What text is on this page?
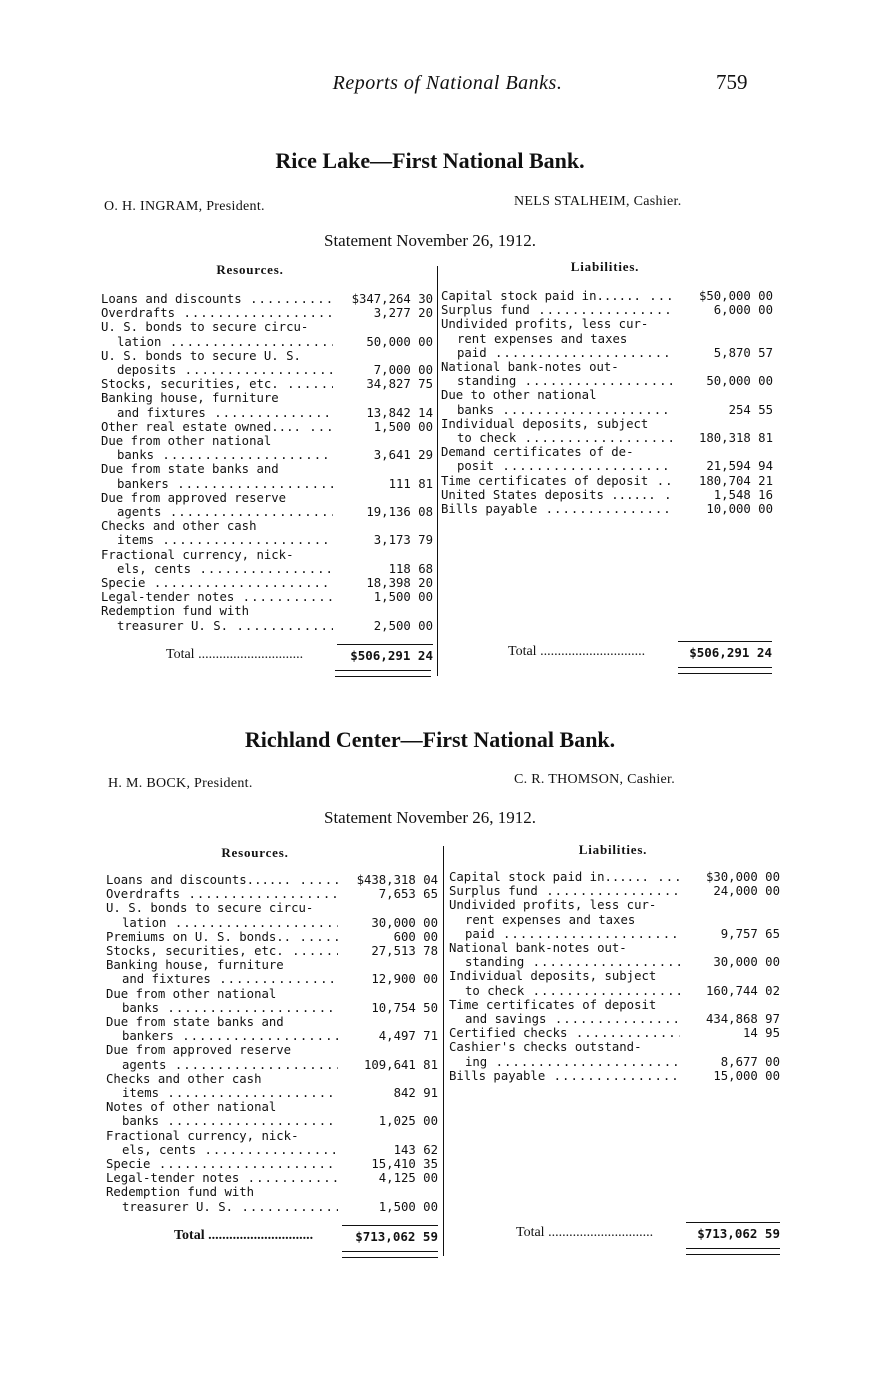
Reports of National Banks.	759
Rice Lake—First National Bank.
O. H. INGRAM, President.	NELS STALHEIM, Cashier.
Statement November 26, 1912.
Resources.	Liabilities.
Loans and discounts .....	$347,264 30
Overdrafts .....	3,277 20
U. S. bonds to secure circu-
lation .....	50,000 00
U. S. bonds to secure U. S.
deposits .....	7,000 00
Stocks, securities, etc. .....	34,827 75
Banking house, furniture
and fixtures .....	13,842 14
Other real estate owned.... .....	1,500 00
Due from other national
banks .....	3,641 29
Due from state banks and
bankers .....	111 81
Due from approved reserve
agents .....	19,136 08
Checks and other cash
items .....	3,173 79
Fractional currency, nick-
els, cents .....	118 68
Specie .....	18,398 20
Legal-tender notes .....	1,500 00
Redemption fund with
treasurer U. S. .....	2,500 00
Capital stock paid in...... .....	$50,000 00
Surplus fund .....	6,000 00
Undivided profits, less cur-
rent expenses and taxes
paid .....	5,870 57
National bank-notes out-
standing .....	50,000 00
Due to other national
banks .....	254 55
Individual deposits, subject
to check .....	180,318 81
Demand certificates of de-
posit .....	21,594 94
Time certificates of deposit .....	180,704 21
United States deposits ...... .....	1,548 16
Bills payable .....	10,000 00
Total ..............................	$506,291 24	Total ..............................	$506,291 24
Richland Center—First National Bank.
H. M. BOCK, President.	C. R. THOMSON, Cashier.
Statement November 26, 1912.
Resources.	Liabilities.
Loans and discounts...... .....	$438,318 04
Overdrafts .....	7,653 65
U. S. bonds to secure circu-
lation .....	30,000 00
Premiums on U. S. bonds.. .....	600 00
Stocks, securities, etc. .....	27,513 78
Banking house, furniture
and fixtures .....	12,900 00
Due from other national
banks .....	10,754 50
Due from state banks and
bankers .....	4,497 71
Due from approved reserve
agents .....	109,641 81
Checks and other cash
items .....	842 91
Notes of other national
banks .....	1,025 00
Fractional currency, nick-
els, cents .....	143 62
Specie .....	15,410 35
Legal-tender notes .....	4,125 00
Redemption fund with
treasurer U. S. .....	1,500 00
Capital stock paid in...... .....	$30,000 00
Surplus fund .....	24,000 00
Undivided profits, less cur-
rent expenses and taxes
paid .....	9,757 65
National bank-notes out-
standing .....	30,000 00
Individual deposits, subject
to check .....	160,744 02
Time certificates of deposit
and savings .....	434,868 97
Certified checks .....	14 95
Cashier's checks outstand-
ing .....	8,677 00
Bills payable .....	15,000 00
Total ..............................	$713,062 59	Total ..............................	$713,062 59
